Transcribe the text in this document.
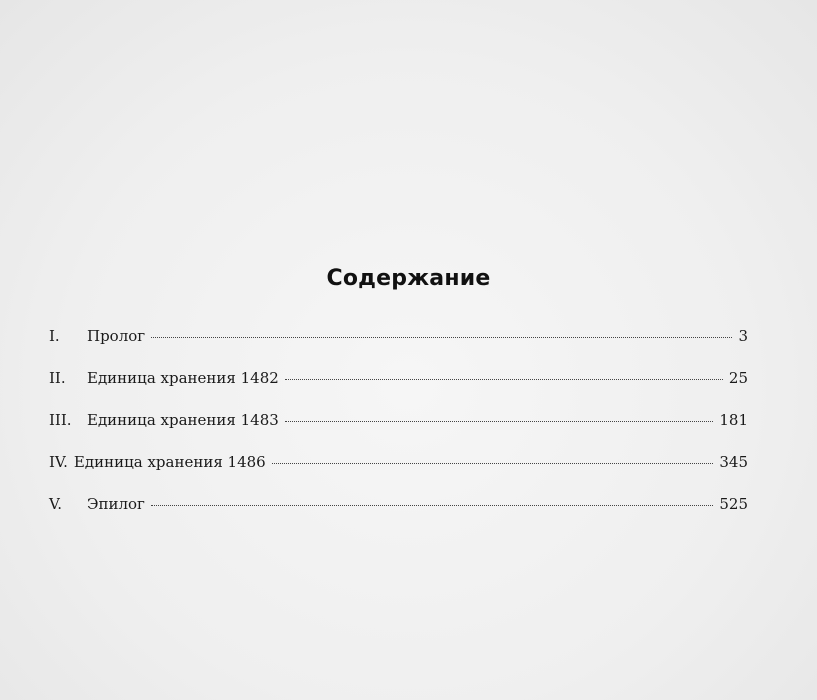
Содержание
I.	Пролог	3
II.	Единица хранения 1482	25
III.	Единица хранения 1483	181
IV. Единица хранения 1486	345
V.	Эпилог	525
